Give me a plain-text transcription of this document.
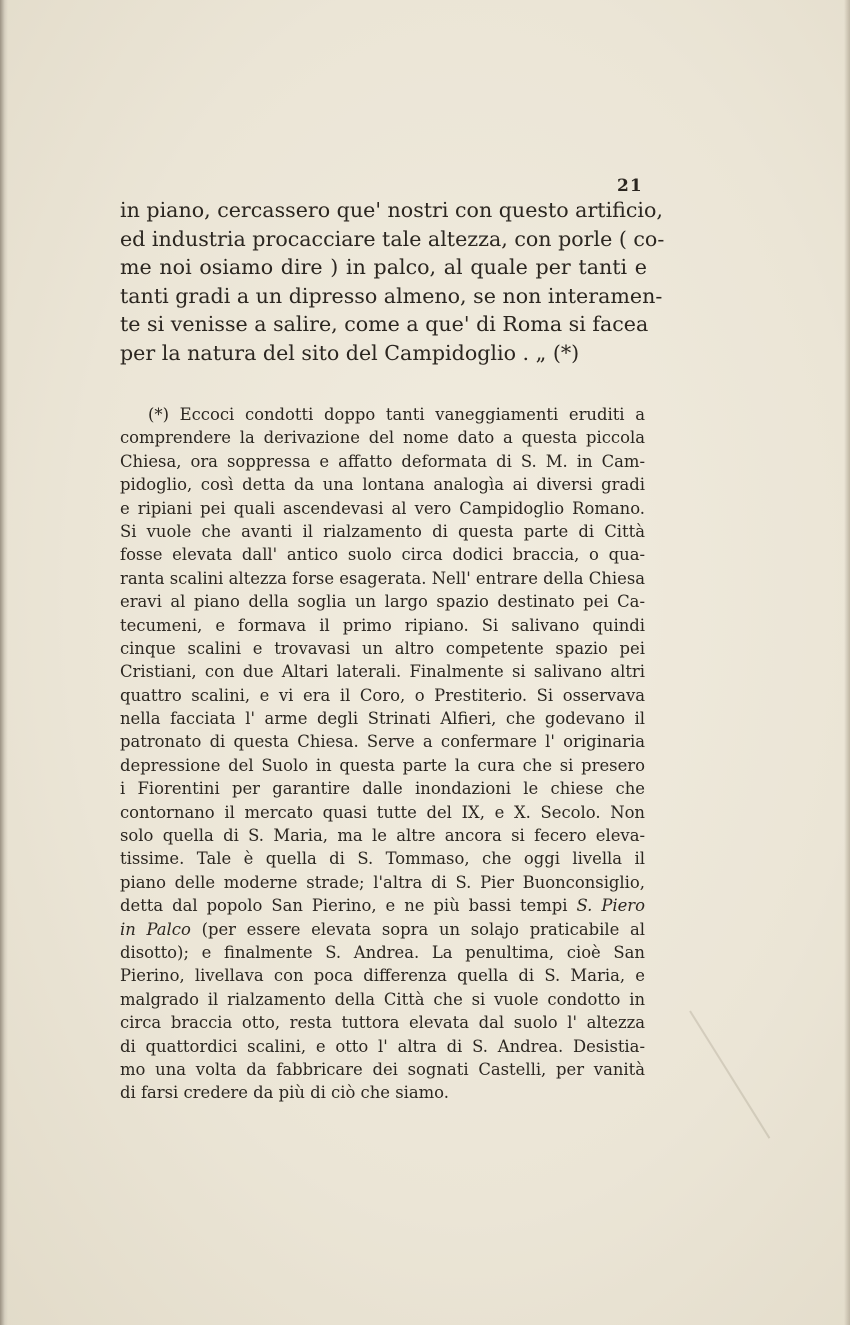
21
in piano, cercassero que' nostri con questo artificio,
ed industria procacciare tale altezza, con porle ( co-
me noi osiamo dire ) in palco, al quale per tanti e
tanti gradi a un dipresso almeno, se non interamen-
te si venisse a salire, come a que' di Roma si facea
per la natura del sito del Campidoglio . „ (*)
(*) Eccoci condotti doppo tanti vaneggiamenti eruditi a
comprendere la derivazione del nome dato a questa piccola
Chiesa, ora soppressa e affatto deformata di S. M. in Cam-
pidoglio, così detta da una lontana analogìa ai diversi gradi
e ripiani pei quali ascendevasi al vero Campidoglio Romano.
Si vuole che avanti il rialzamento di questa parte di Città
fosse elevata dall' antico suolo circa dodici braccia, o qua-
ranta scalini altezza forse esagerata. Nell' entrare della Chiesa
eravi al piano della soglia un largo spazio destinato pei Ca-
tecumeni, e formava il primo ripiano. Si salivano quindi
cinque scalini e trovavasi un altro competente spazio pei
Cristiani, con due Altari laterali. Finalmente si salivano altri
quattro scalini, e vi era il Coro, o Prestiterio. Si osservava
nella facciata l' arme degli Strinati Alfieri, che godevano il
patronato di questa Chiesa. Serve a confermare l' originaria
depressione del Suolo in questa parte la cura che si presero
i Fiorentini per garantire dalle inondazioni le chiese che
contornano il mercato quasi tutte del IX, e X. Secolo. Non
solo quella di S. Maria, ma le altre ancora si fecero eleva-
tissime. Tale è quella di S. Tommaso, che oggi livella il
piano delle moderne strade; l'altra di S. Pier Buonconsiglio,
detta dal popolo San Pierino, e ne più bassi tempi S. Piero
in Palco (per essere elevata sopra un solajo praticabile al
disotto); e finalmente S. Andrea. La penultima, cioè San
Pierino, livellava con poca differenza quella di S. Maria, e
malgrado il rialzamento della Città che si vuole condotto in
circa braccia otto, resta tuttora elevata dal suolo l' altezza
di quattordici scalini, e otto l' altra di S. Andrea. Desistia-
mo una volta da fabbricare dei sognati Castelli, per vanità
di farsi credere da più di ciò che siamo.
